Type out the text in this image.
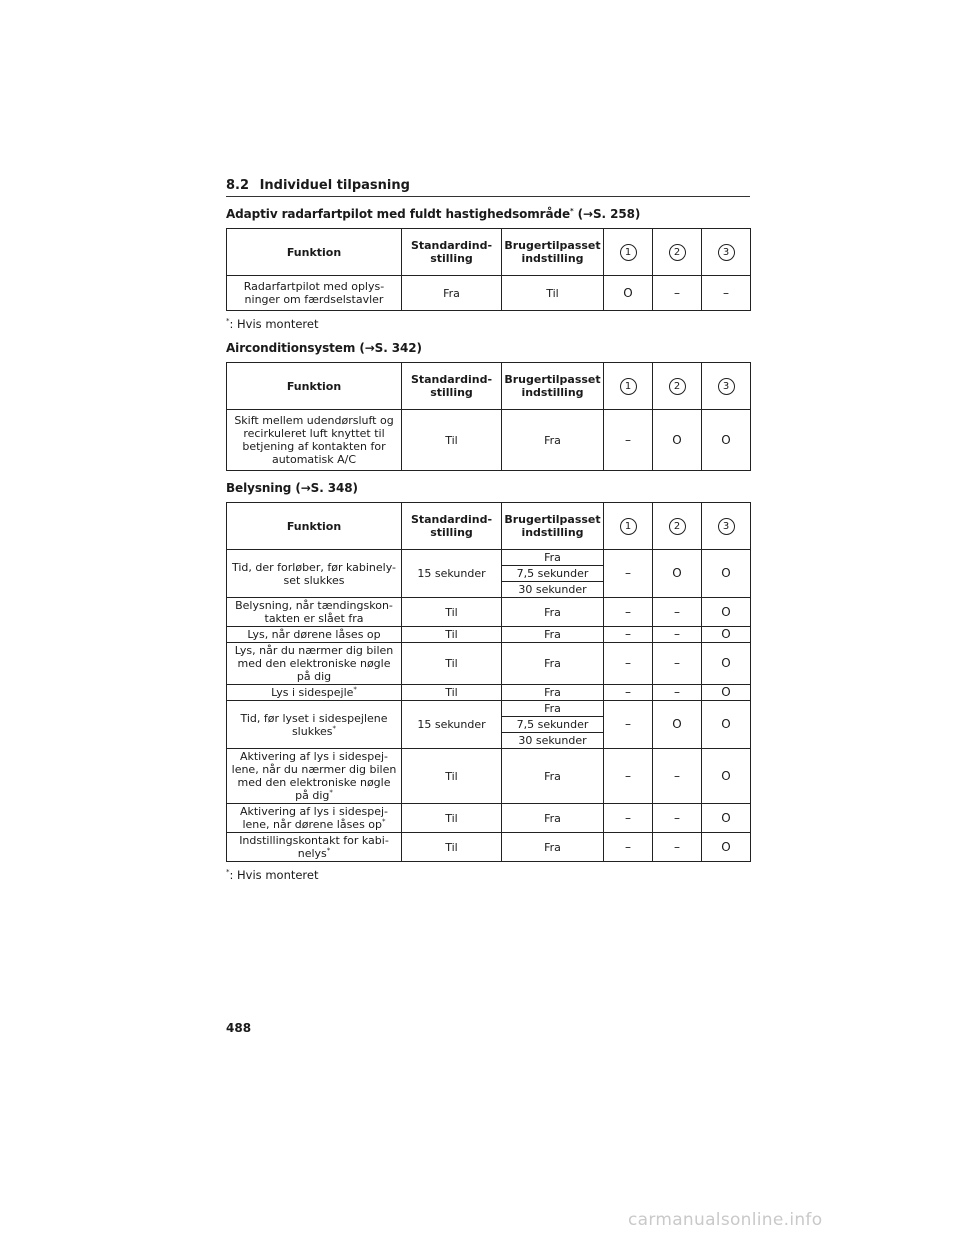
8.2 Individuel tilpasning
Adaptiv radarfartpilot med fuldt hastighedsområde* (→S. 258)
Funktion	Standardind-
stilling	Brugertilpasset
indstilling	1	2	3
Radarfartpilot med oplys-
ninger om færdselstavler	Fra	Til	O	–	–
*: Hvis monteret
Airconditionsystem (→S. 342)
Funktion	Standardind-
stilling	Brugertilpasset
indstilling	1	2	3
Skift mellem udendørsluft og
recirkuleret luft knyttet til
betjening af kontakten for
automatisk A/C	Til	Fra	–	O	O
Belysning (→S. 348)
Funktion	Standardind-
stilling	Brugertilpasset
indstilling	1	2	3
Tid, der forløber, før kabinely-
set slukkes	15 sekunder	Fra	–	O	O
		7,5 sekunder			
		30 sekunder			
Belysning, når tændingskon-
takten er slået fra	Til	Fra	–	–	O
Lys, når dørene låses op	Til	Fra	–	–	O
Lys, når du nærmer dig bilen
med den elektroniske nøgle
på dig	Til	Fra	–	–	O
Lys i sidespejle*	Til	Fra	–	–	O
Tid, før lyset i sidespejlene
slukkes*	15 sekunder	Fra	–	O	O
		7,5 sekunder			
		30 sekunder			
Aktivering af lys i sidespej-
lene, når du nærmer dig bilen
med den elektroniske nøgle
på dig*	Til	Fra	–	–	O
Aktivering af lys i sidespej-
lene, når dørene låses op*	Til	Fra	–	–	O
Indstillingskontakt for kabi-
nelys*	Til	Fra	–	–	O
*: Hvis monteret
488
carmanualsonline.info
